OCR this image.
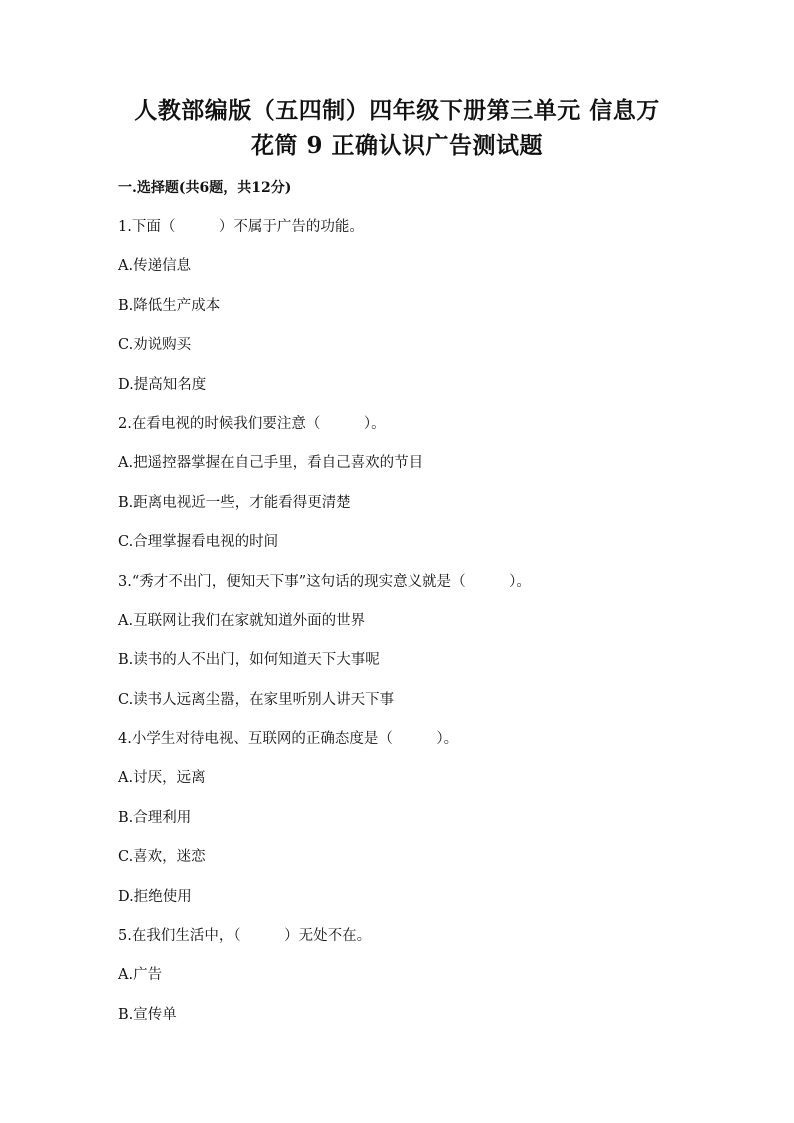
人教部编版（五四制）四年级下册第三单元 信息万
花筒 9 正确认识广告测试题
一.选择题(共6题，共12分)
1.下面（　　　）不属于广告的功能。
A.传递信息
B.降低生产成本
C.劝说购买
D.提高知名度
2.在看电视的时候我们要注意（　　　）。
A.把遥控器掌握在自己手里，看自己喜欢的节目
B.距离电视近一些，才能看得更清楚
C.合理掌握看电视的时间
3.“秀才不出门，便知天下事”这句话的现实意义就是（　　　）。
A.互联网让我们在家就知道外面的世界
B.读书的人不出门，如何知道天下大事呢
C.读书人远离尘嚣，在家里听别人讲天下事
4.小学生对待电视、互联网的正确态度是（　　　）。
A.讨厌，远离
B.合理利用
C.喜欢，迷恋
D.拒绝使用
5.在我们生活中，（　　　）无处不在。
A.广告
B.宣传单
